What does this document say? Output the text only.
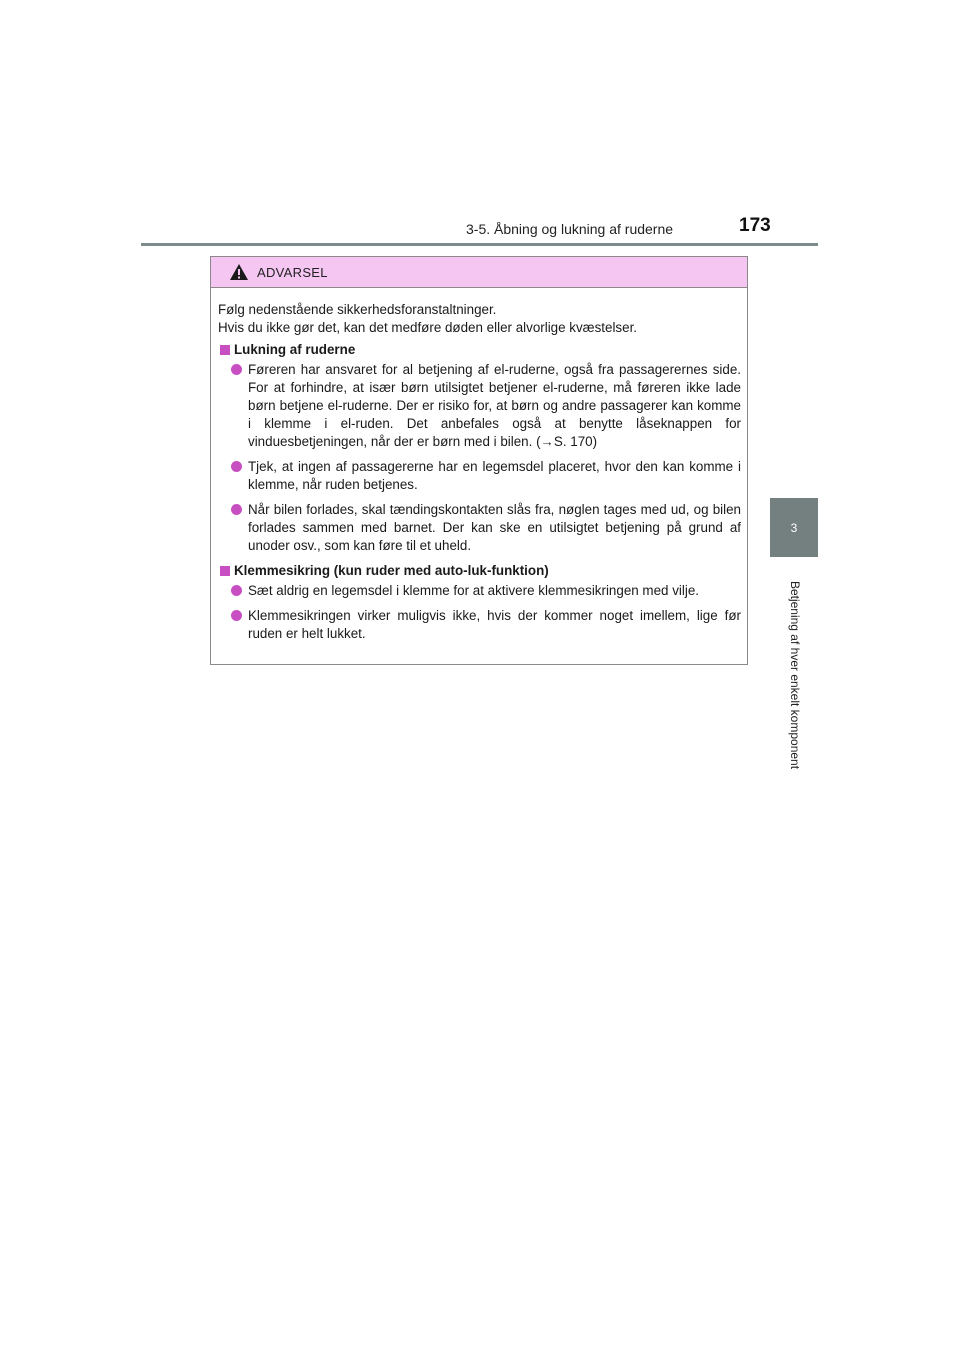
3-5. Åbning og lukning af ruderne	173
3
Betjening af hver enkelt komponent
ADVARSEL

Følg nedenstående sikkerhedsforanstaltninger.

Hvis du ikke gør det, kan det medføre døden eller alvorlige kvæstelser.

Lukning af ruderne
Føreren har ansvaret for al betjening af el-ruderne, også fra passagerernes side. For at forhindre, at især børn utilsigtet betjener el-ruderne, må føreren ikke lade børn betjene el-ruderne. Der er risiko for, at børn og andre passagerer kan komme i klemme i el-ruden. Det anbefales også at benytte låseknappen for vinduesbetjeningen, når der er børn med i bilen. (→S. 170)
Tjek, at ingen af passagererne har en legemsdel placeret, hvor den kan komme i klemme, når ruden betjenes.
Når bilen forlades, skal tændingskontakten slås fra, nøglen tages med ud, og bilen forlades sammen med barnet. Der kan ske en utilsigtet betjening på grund af unoder osv., som kan føre til et uheld.
Klemmesikring (kun ruder med auto-luk-funktion)
Sæt aldrig en legemsdel i klemme for at aktivere klemmesikringen med vilje.
Klemmesikringen virker muligvis ikke, hvis der kommer noget imellem, lige før ruden er helt lukket.
